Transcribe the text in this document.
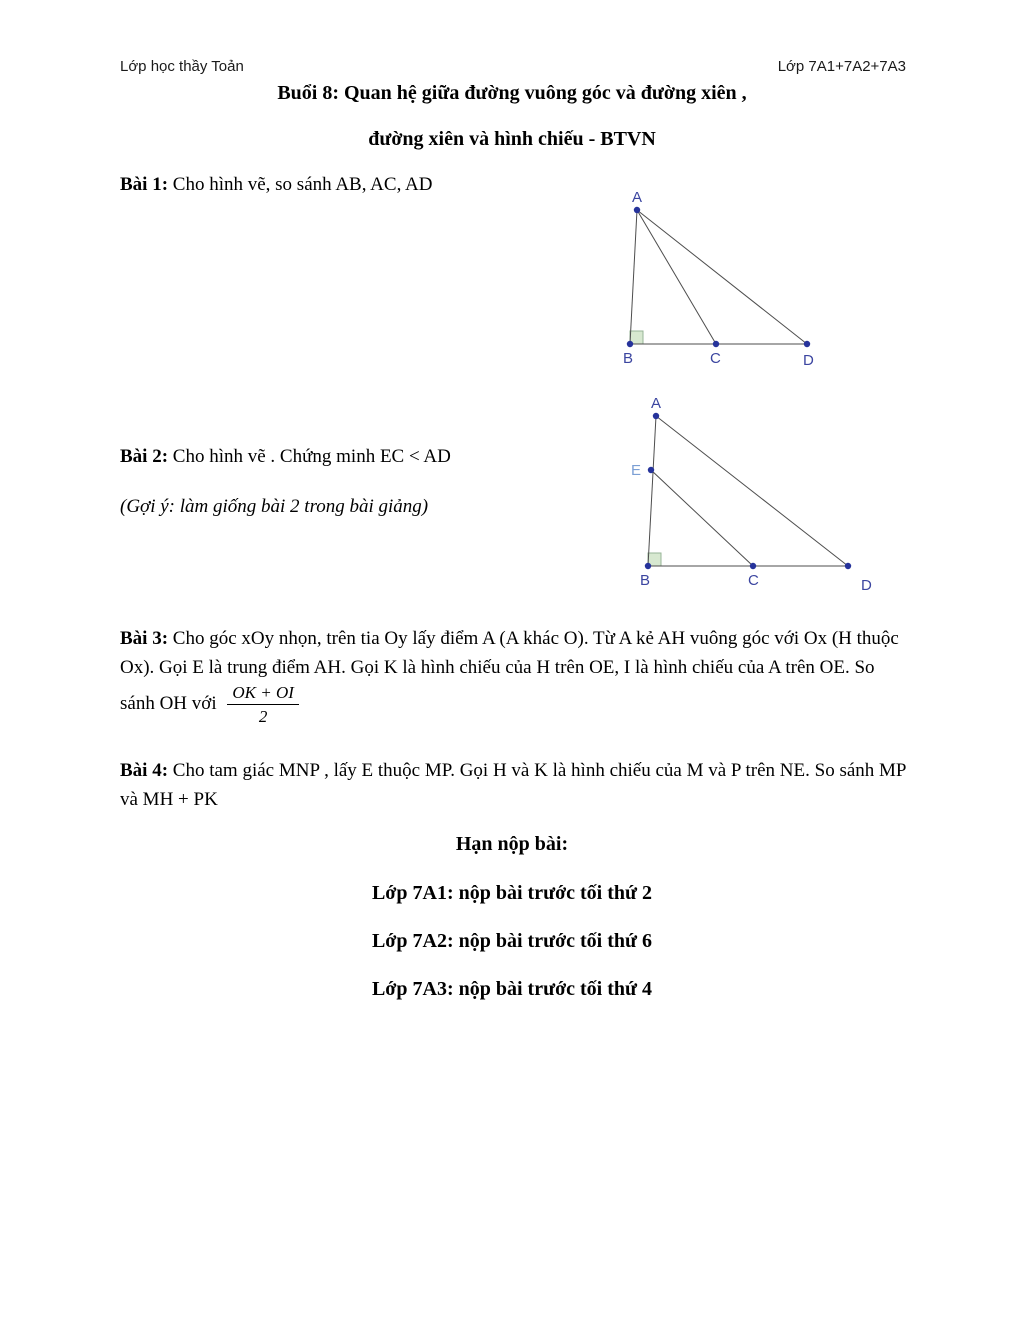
Lớp học thầy Toản	Lớp 7A1+7A2+7A3
Buổi 8: Quan hệ giữa đường vuông góc và đường xiên ,
đường xiên và hình chiếu - BTVN
Bài 1: Cho hình vẽ, so sánh AB, AC, AD
A
B	C	D
Bài 2: Cho hình vẽ . Chứng minh EC < AD
(Gợi ý: làm giống bài 2 trong bài giảng)
A
E
B	C	D
Bài 3: Cho góc xOy nhọn, trên tia Oy lấy điểm A (A khác O). Từ A kẻ AH vuông góc với Ox (H thuộc Ox). Gọi E là trung điểm AH. Gọi K là hình chiếu của H trên OE, I là hình chiếu của A trên OE. So sánh OH với $\frac{OK + OI}{2}$
Bài 4: Cho tam giác MNP , lấy E thuộc MP. Gọi H và K là hình chiếu của M và P trên NE. So sánh MP và MH + PK
Hạn nộp bài:
Lớp 7A1: nộp bài trước tối thứ 2
Lớp 7A2: nộp bài trước tối thứ 6
Lớp 7A3: nộp bài trước tối thứ 4
